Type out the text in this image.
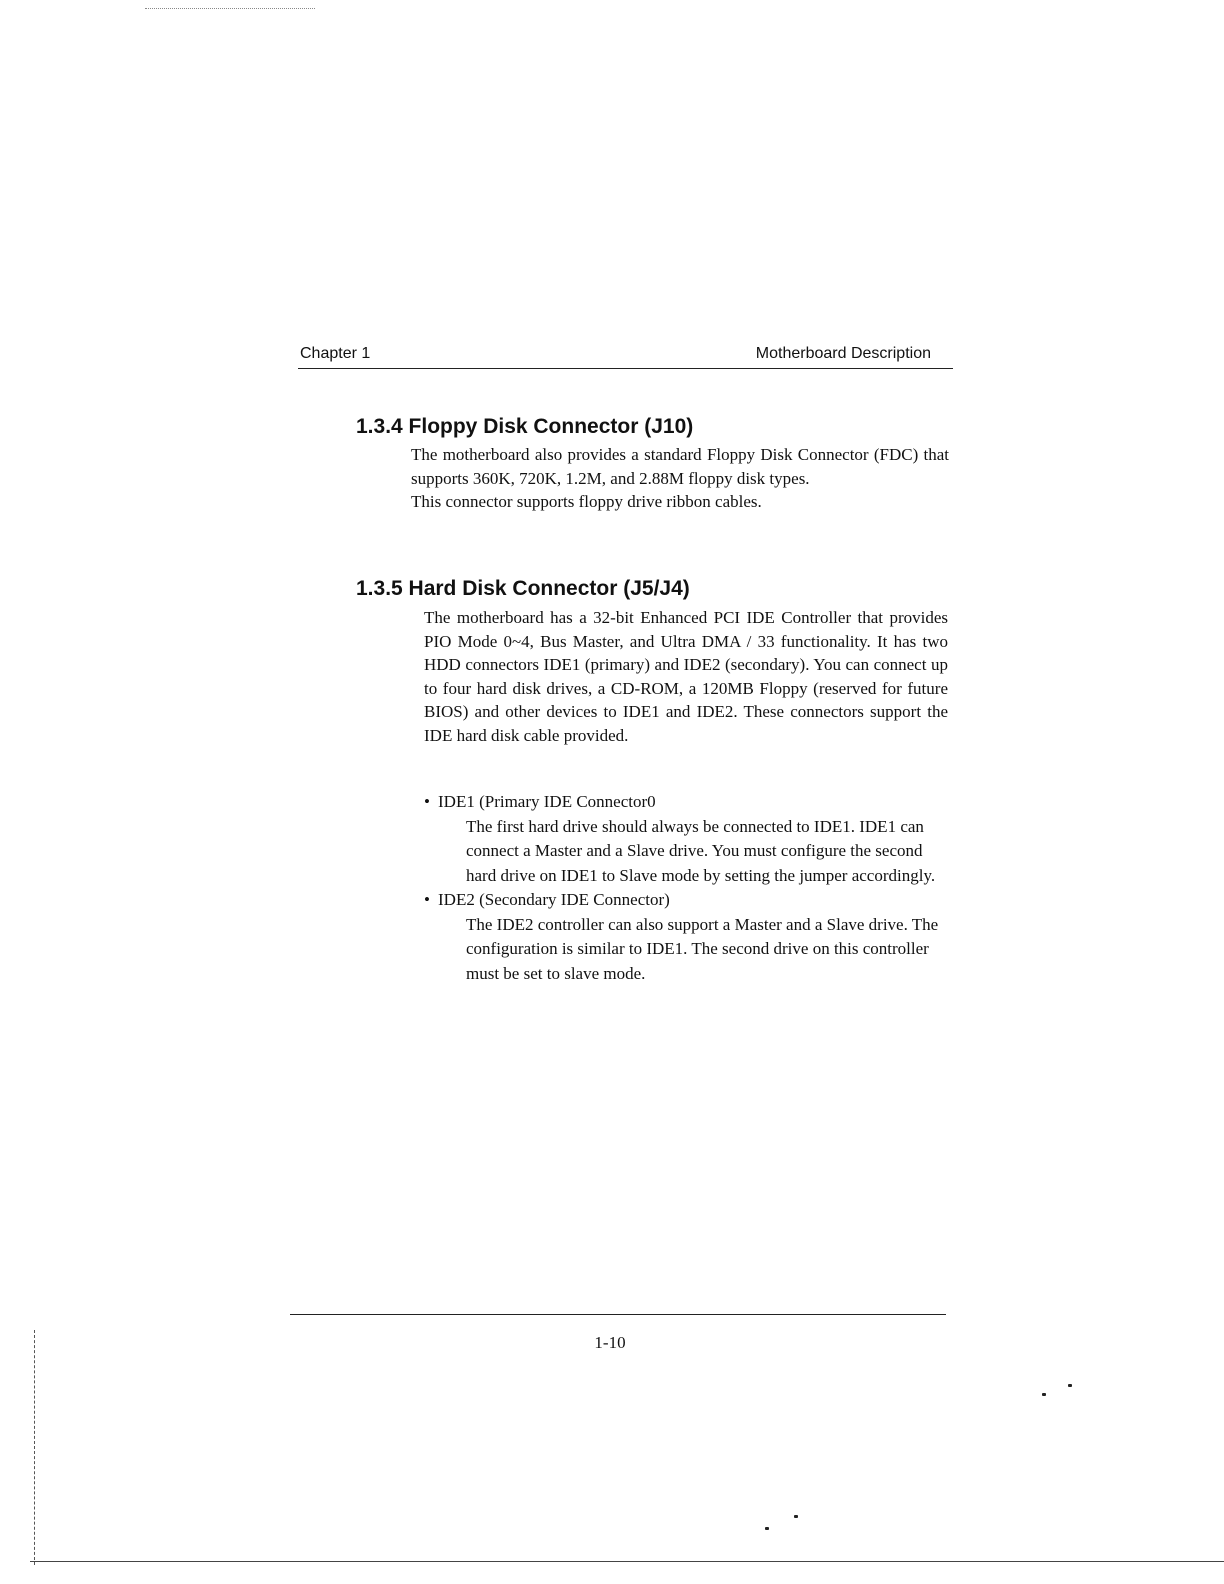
Chapter 1	Motherboard Description
1.3.4 Floppy Disk Connector (J10)

The motherboard also provides a standard Floppy Disk Connector (FDC) that supports 360K, 720K, 1.2M, and 2.88M floppy disk types.

This connector supports floppy drive ribbon cables.

1.3.5 Hard Disk Connector (J5/J4)

The motherboard has a 32-bit Enhanced PCI IDE Controller that provides PIO Mode 0~4, Bus Master, and Ultra DMA / 33 functionality. It has two HDD connectors IDE1 (primary) and IDE2 (secondary). You can connect up to four hard disk drives, a CD-ROM, a 120MB Floppy (reserved for future BIOS) and other devices to IDE1 and IDE2. These connectors support the IDE hard disk cable provided.

• IDE1 (Primary IDE Connector0
The first hard drive should always be connected to IDE1. IDE1 can connect a Master and a Slave drive. You must configure the second hard drive on IDE1 to Slave mode by setting the jumper accordingly.
• IDE2 (Secondary IDE Connector)
The IDE2 controller can also support a Master and a Slave drive. The configuration is similar to IDE1. The second drive on this controller must be set to slave mode.
1-10
